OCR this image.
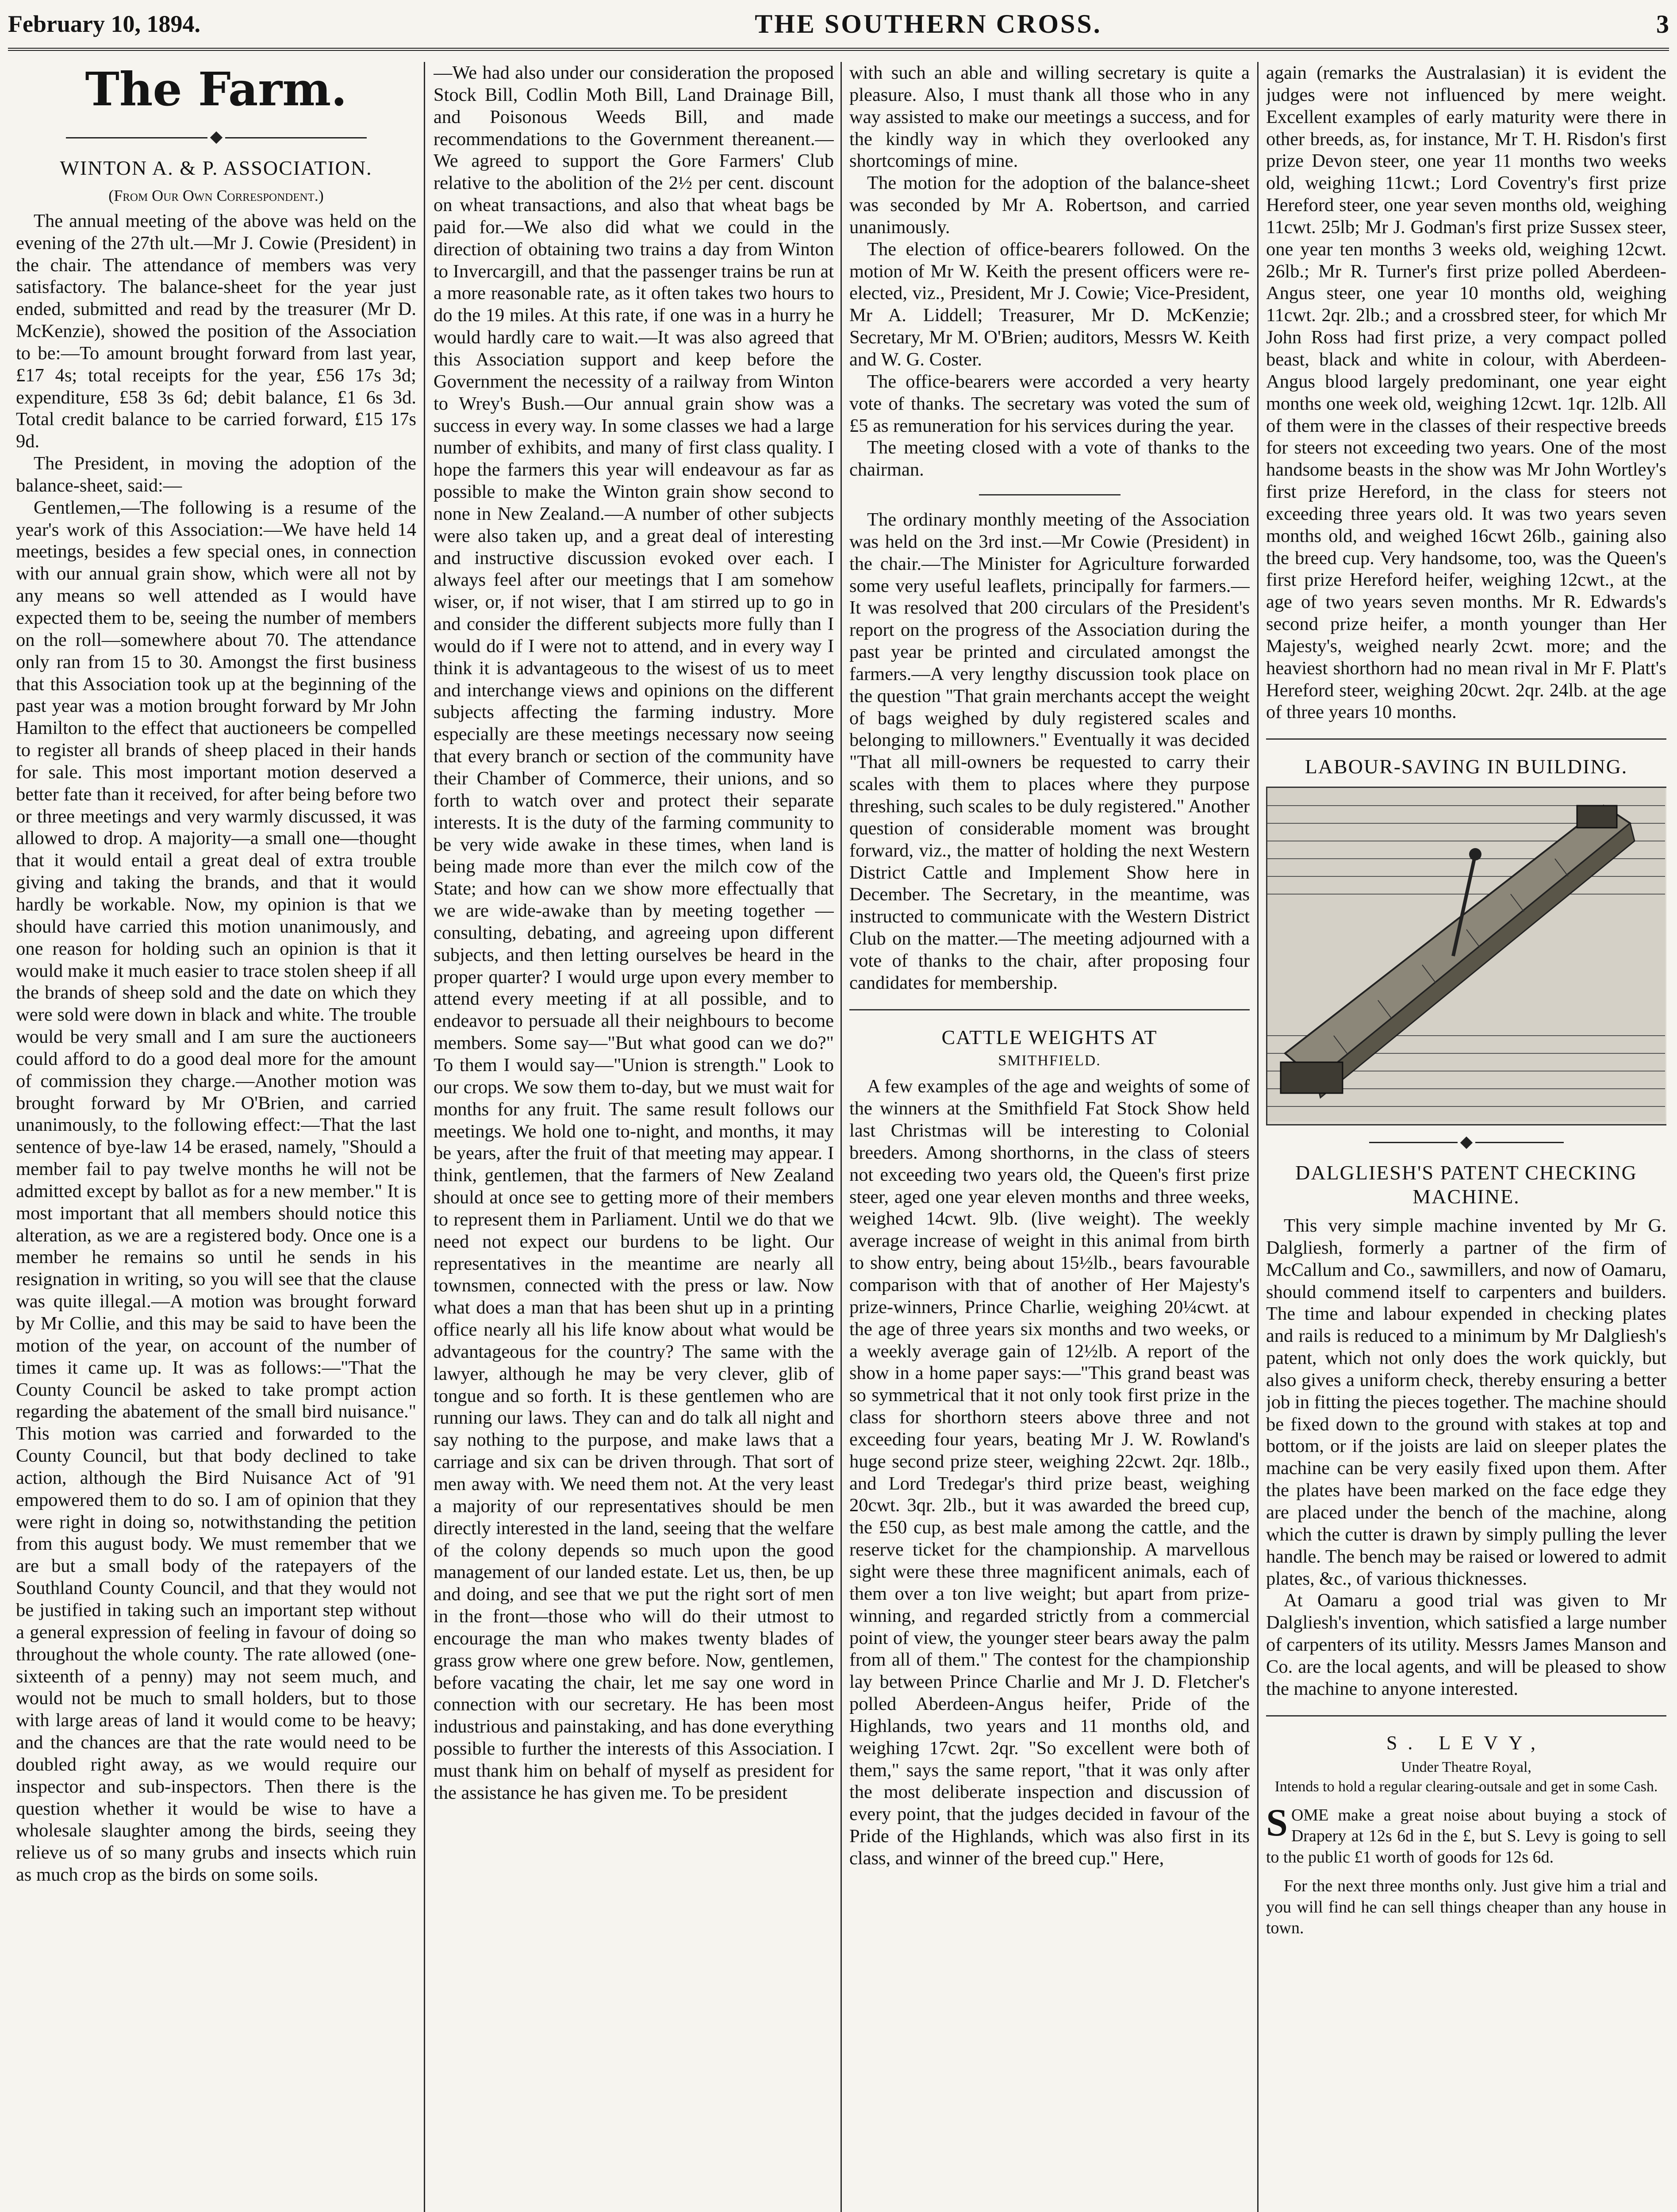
February 10, 1894.	THE SOUTHERN CROSS.	3
The Farm.
WINTON A. & P. ASSOCIATION.
(From Our Own Correspondent.)

The annual meeting of the above was held on the evening of the 27th ult.—Mr J. Cowie (President) in the chair. The attendance of members was very satisfactory. The balance-sheet for the year just ended, submitted and read by the treasurer (Mr D. McKenzie), showed the position of the Association to be:—To amount brought forward from last year, £17 4s; total receipts for the year, £56 17s 3d; expenditure, £58 3s 6d; debit balance, £1 6s 3d. Total credit balance to be carried forward, £15 17s 9d.

The President, in moving the adoption of the balance-sheet, said:—

Gentlemen,—The following is a resume of the year's work of this Association:—We have held 14 meetings, besides a few special ones, in connection with our annual grain show, which were all not by any means so well attended as I would have expected them to be, seeing the number of members on the roll—somewhere about 70. The attendance only ran from 15 to 30. Amongst the first business that this Association took up at the beginning of the past year was a motion brought forward by Mr John Hamilton to the effect that auctioneers be compelled to register all brands of sheep placed in their hands for sale. This most important motion deserved a better fate than it received, for after being before two or three meetings and very warmly discussed, it was allowed to drop. A majority—a small one—thought that it would entail a great deal of extra trouble giving and taking the brands, and that it would hardly be workable. Now, my opinion is that we should have carried this motion unanimously, and one reason for holding such an opinion is that it would make it much easier to trace stolen sheep if all the brands of sheep sold and the date on which they were sold were down in black and white. The trouble would be very small and I am sure the auctioneers could afford to do a good deal more for the amount of commission they charge.—Another motion was brought forward by Mr O'Brien, and carried unanimously, to the following effect:—That the last sentence of bye-law 14 be erased, namely, "Should a member fail to pay twelve months he will not be admitted except by ballot as for a new member." It is most important that all members should notice this alteration, as we are a registered body. Once one is a member he remains so until he sends in his resignation in writing, so you will see that the clause was quite illegal.—A motion was brought forward by Mr Collie, and this may be said to have been the motion of the year, on account of the number of times it came up. It was as follows:—"That the County Council be asked to take prompt action regarding the abatement of the small bird nuisance." This motion was carried and forwarded to the County Council, but that body declined to take action, although the Bird Nuisance Act of '91 empowered them to do so. I am of opinion that they were right in doing so, notwithstanding the petition from this august body. We must remember that we are but a small body of the ratepayers of the Southland County Council, and that they would not be justified in taking such an important step without a general expression of feeling in favour of doing so throughout the whole county. The rate allowed (one-sixteenth of a penny) may not seem much, and would not be much to small holders, but to those with large areas of land it would come to be heavy; and the chances are that the rate would need to be doubled right away, as we would require our inspector and sub-inspectors. Then there is the question whether it would be wise to have a wholesale slaughter among the birds, seeing they relieve us of so many grubs and insects which ruin as much crop as the birds on some soils.

—We had also under our consideration the proposed Stock Bill, Codlin Moth Bill, Land Drainage Bill, and Poisonous Weeds Bill, and made recommendations to the Government thereanent.—We agreed to support the Gore Farmers' Club relative to the abolition of the 2½ per cent. discount on wheat transactions, and also that wheat bags be paid for.—We also did what we could in the direction of obtaining two trains a day from Winton to Invercargill, and that the passenger trains be run at a more reasonable rate, as it often takes two hours to do the 19 miles. At this rate, if one was in a hurry he would hardly care to wait.—It was also agreed that this Association support and keep before the Government the necessity of a railway from Winton to Wrey's Bush.—Our annual grain show was a success in every way. In some classes we had a large number of exhibits, and many of first class quality. I hope the farmers this year will endeavour as far as possible to make the Winton grain show second to none in New Zealand.—A number of other subjects were also taken up, and a great deal of interesting and instructive discussion evoked over each. I always feel after our meetings that I am somehow wiser, or, if not wiser, that I am stirred up to go in and consider the different subjects more fully than I would do if I were not to attend, and in every way I think it is advantageous to the wisest of us to meet and interchange views and opinions on the different subjects affecting the farming industry. More especially are these meetings necessary now seeing that every branch or section of the community have their Chamber of Commerce, their unions, and so forth to watch over and protect their separate interests. It is the duty of the farming community to be very wide awake in these times, when land is being made more than ever the milch cow of the State; and how can we show more effectually that we are wide-awake than by meeting together — consulting, debating, and agreeing upon different subjects, and then letting ourselves be heard in the proper quarter? I would urge upon every member to attend every meeting if at all possible, and to endeavor to persuade all their neighbours to become members. Some say—"But what good can we do?" To them I would say—"Union is strength." Look to our crops. We sow them to-day, but we must wait for months for any fruit. The same result follows our meetings. We hold one to-night, and months, it may be years, after the fruit of that meeting may appear. I think, gentlemen, that the farmers of New Zealand should at once see to getting more of their members to represent them in Parliament. Until we do that we need not expect our burdens to be light. Our representatives in the meantime are nearly all townsmen, connected with the press or law. Now what does a man that has been shut up in a printing office nearly all his life know about what would be advantageous for the country? The same with the lawyer, although he may be very clever, glib of tongue and so forth. It is these gentlemen who are running our laws. They can and do talk all night and say nothing to the purpose, and make laws that a carriage and six can be driven through. That sort of men away with. We need them not. At the very least a majority of our representatives should be men directly interested in the land, seeing that the welfare of the colony depends so much upon the good management of our landed estate. Let us, then, be up and doing, and see that we put the right sort of men in the front—those who will do their utmost to encourage the man who makes twenty blades of grass grow where one grew before. Now, gentlemen, before vacating the chair, let me say one word in connection with our secretary. He has been most industrious and painstaking, and has done everything possible to further the interests of this Association. I must thank him on behalf of myself as president for the assistance he has given me. To be president

with such an able and willing secretary is quite a pleasure. Also, I must thank all those who in any way assisted to make our meetings a success, and for the kindly way in which they overlooked any shortcomings of mine.

The motion for the adoption of the balance-sheet was seconded by Mr A. Robertson, and carried unanimously.

The election of office-bearers followed. On the motion of Mr W. Keith the present officers were re-elected, viz., President, Mr J. Cowie; Vice-President, Mr A. Liddell; Treasurer, Mr D. McKenzie; Secretary, Mr M. O'Brien; auditors, Messrs W. Keith and W. G. Coster.

The office-bearers were accorded a very hearty vote of thanks. The secretary was voted the sum of £5 as remuneration for his services during the year.

The meeting closed with a vote of thanks to the chairman.

The ordinary monthly meeting of the Association was held on the 3rd inst.—Mr Cowie (President) in the chair.—The Minister for Agriculture forwarded some very useful leaflets, principally for farmers.—It was resolved that 200 circulars of the President's report on the progress of the Association during the past year be printed and circulated amongst the farmers.—A very lengthy discussion took place on the question "That grain merchants accept the weight of bags weighed by duly registered scales and belonging to millowners." Eventually it was decided "That all mill-owners be requested to carry their scales with them to places where they purpose threshing, such scales to be duly registered." Another question of considerable moment was brought forward, viz., the matter of holding the next Western District Cattle and Implement Show here in December. The Secretary, in the meantime, was instructed to communicate with the Western District Club on the matter.—The meeting adjourned with a vote of thanks to the chair, after proposing four candidates for membership.

CATTLE WEIGHTS AT
SMITHFIELD.

A few examples of the age and weights of some of the winners at the Smithfield Fat Stock Show held last Christmas will be interesting to Colonial breeders. Among shorthorns, in the class of steers not exceeding two years old, the Queen's first prize steer, aged one year eleven months and three weeks, weighed 14cwt. 9lb. (live weight). The weekly average increase of weight in this animal from birth to show entry, being about 15½lb., bears favourable comparison with that of another of Her Majesty's prize-winners, Prince Charlie, weighing 20¼cwt. at the age of three years six months and two weeks, or a weekly average gain of 12½lb. A report of the show in a home paper says:—"This grand beast was so symmetrical that it not only took first prize in the class for shorthorn steers above three and not exceeding four years, beating Mr J. W. Rowland's huge second prize steer, weighing 22cwt. 2qr. 18lb., and Lord Tredegar's third prize beast, weighing 20cwt. 3qr. 2lb., but it was awarded the breed cup, the £50 cup, as best male among the cattle, and the reserve ticket for the championship. A marvellous sight were these three magnificent animals, each of them over a ton live weight; but apart from prize-winning, and regarded strictly from a commercial point of view, the younger steer bears away the palm from all of them." The contest for the championship lay between Prince Charlie and Mr J. D. Fletcher's polled Aberdeen-Angus heifer, Pride of the Highlands, two years and 11 months old, and weighing 17cwt. 2qr. "So excellent were both of them," says the same report, "that it was only after the most deliberate inspection and discussion of every point, that the judges decided in favour of the Pride of the Highlands, which was also first in its class, and winner of the breed cup." Here,

again (remarks the Australasian) it is evident the judges were not influenced by mere weight. Excellent examples of early maturity were there in other breeds, as, for instance, Mr T. H. Risdon's first prize Devon steer, one year 11 months two weeks old, weighing 11cwt.; Lord Coventry's first prize Hereford steer, one year seven months old, weighing 11cwt. 25lb; Mr J. Godman's first prize Sussex steer, one year ten months 3 weeks old, weighing 12cwt. 26lb.; Mr R. Turner's first prize polled Aberdeen-Angus steer, one year 10 months old, weighing 11cwt. 2qr. 2lb.; and a crossbred steer, for which Mr John Ross had first prize, a very compact polled beast, black and white in colour, with Aberdeen-Angus blood largely predominant, one year eight months one week old, weighing 12cwt. 1qr. 12lb. All of them were in the classes of their respective breeds for steers not exceeding two years. One of the most handsome beasts in the show was Mr John Wortley's first prize Hereford, in the class for steers not exceeding three years old. It was two years seven months old, and weighed 16cwt 26lb., gaining also the breed cup. Very handsome, too, was the Queen's first prize Hereford heifer, weighing 12cwt., at the age of two years seven months. Mr R. Edwards's second prize heifer, a month younger than Her Majesty's, weighed nearly 2cwt. more; and the heaviest shorthorn had no mean rival in Mr F. Platt's Hereford steer, weighing 20cwt. 2qr. 24lb. at the age of three years 10 months.

LABOUR-SAVING IN BUILDING.
DALGLIESH'S PATENT CHECKING MACHINE.

This very simple machine invented by Mr G. Dalgliesh, formerly a partner of the firm of McCallum and Co., sawmillers, and now of Oamaru, should commend itself to carpenters and builders. The time and labour expended in checking plates and rails is reduced to a minimum by Mr Dalgliesh's patent, which not only does the work quickly, but also gives a uniform check, thereby ensuring a better job in fitting the pieces together. The machine should be fixed down to the ground with stakes at top and bottom, or if the joists are laid on sleeper plates the machine can be very easily fixed upon them. After the plates have been marked on the face edge they are placed under the bench of the machine, along which the cutter is drawn by simply pulling the lever handle. The bench may be raised or lowered to admit plates, &c., of various thicknesses.

At Oamaru a good trial was given to Mr Dalgliesh's invention, which satisfied a large number of carpenters of its utility. Messrs James Manson and Co. are the local agents, and will be pleased to show the machine to anyone interested.

S. LEVY,
Under Theatre Royal,
Intends to hold a regular clearing-outsale and get in some Cash.

SOME make a great noise about buying a stock of Drapery at 12s 6d in the £, but S. Levy is going to sell to the public £1 worth of goods for 12s 6d.

For the next three months only. Just give him a trial and you will find he can sell things cheaper than any house in town.
